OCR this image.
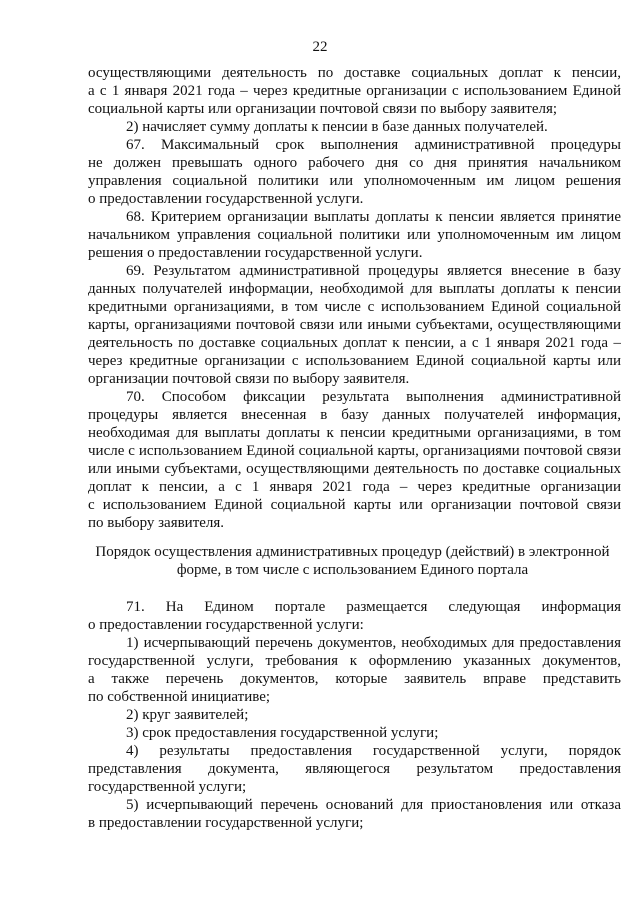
22
осуществляющими деятельность по доставке социальных доплат к пенсии,
а с 1 января 2021 года – через кредитные организации с использованием Единой
социальной карты или организации почтовой связи по выбору заявителя;
2) начисляет сумму доплаты к пенсии в базе данных получателей.
67. Максимальный срок выполнения административной процедуры
не должен превышать одного рабочего дня со дня принятия начальником
управления социальной политики или уполномоченным им лицом решения
о предоставлении государственной услуги.
68. Критерием организации выплаты доплаты к пенсии является принятие
начальником управления социальной политики или уполномоченным им лицом
решения о предоставлении государственной услуги.
69. Результатом административной процедуры является внесение в базу
данных получателей информации, необходимой для выплаты доплаты к пенсии
кредитными организациями, в том числе с использованием Единой социальной
карты, организациями почтовой связи или иными субъектами, осуществляющими
деятельность по доставке социальных доплат к пенсии, а с 1 января 2021 года –
через кредитные организации с использованием Единой социальной карты или
организации почтовой связи по выбору заявителя.
70. Способом фиксации результата выполнения административной
процедуры является внесенная в базу данных получателей информация,
необходимая для выплаты доплаты к пенсии кредитными организациями, в том
числе с использованием Единой социальной карты, организациями почтовой связи
или иными субъектами, осуществляющими деятельность по доставке социальных
доплат к пенсии, а с 1 января 2021 года – через кредитные организации
с использованием Единой социальной карты или организации почтовой связи
по выбору заявителя.
Порядок осуществления административных процедур (действий) в электронной
форме, в том числе с использованием Единого портала
71. На Едином портале размещается следующая информация
о предоставлении государственной услуги:
1) исчерпывающий перечень документов, необходимых для предоставления
государственной услуги, требования к оформлению указанных документов,
а также перечень документов, которые заявитель вправе представить
по собственной инициативе;
2) круг заявителей;
3) срок предоставления государственной услуги;
4) результаты предоставления государственной услуги, порядок
представления документа, являющегося результатом предоставления
государственной услуги;
5) исчерпывающий перечень оснований для приостановления или отказа
в предоставлении государственной услуги;
